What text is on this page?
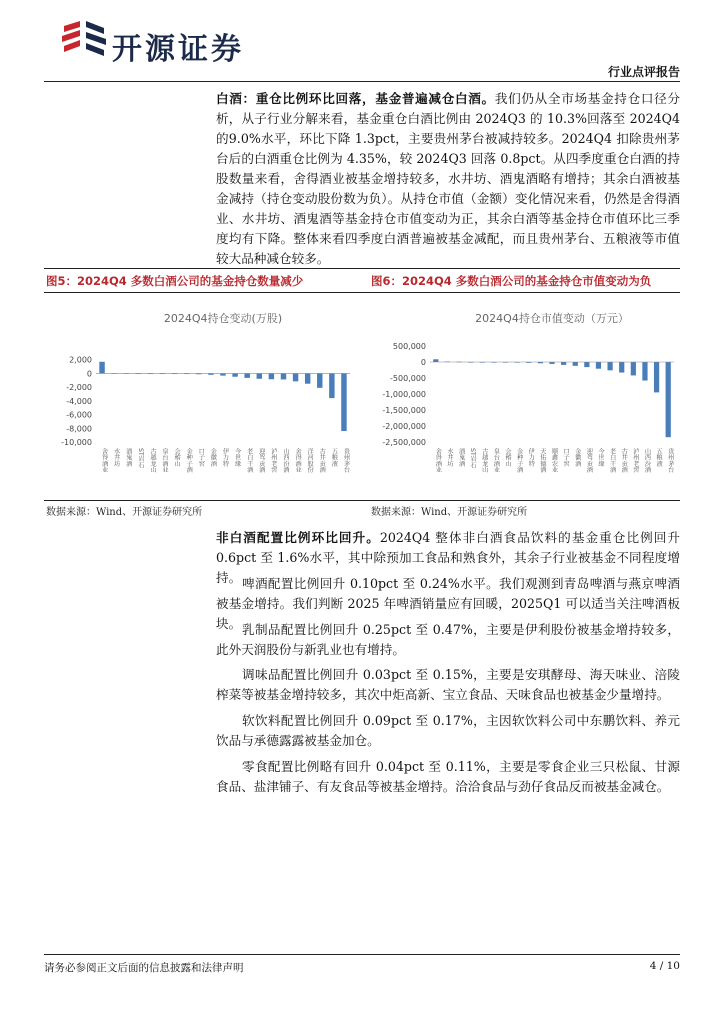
开源证券
行业点评报告
白酒：重仓比例环比回落，基金普遍减仓白酒。我们仍从全市场基金持仓口径分析，从子行业分解来看，基金重仓白酒比例由 2024Q3 的 10.3%回落至 2024Q4 的9.0%水平，环比下降 1.3pct，主要贵州茅台被减持较多。2024Q4 扣除贵州茅台后的白酒重仓比例为 4.35%，较 2024Q3 回落 0.8pct。从四季度重仓白酒的持股数量来看，舍得酒业被基金增持较多，水井坊、酒鬼酒略有增持；其余白酒被基金减持（持仓变动股份数为负）。从持仓市值（金额）变化情况来看，仍然是舍得酒业、水井坊、酒鬼酒等基金持仓市值变动为正，其余白酒等基金持仓市值环比三季度均有下降。整体来看四季度白酒普遍被基金减配，而且贵州茅台、五粮液等市值较大品种减仓较多。
图5：2024Q4 多数白酒公司的基金持仓数量减少	图6：2024Q4 多数白酒公司的基金持仓市值变动为负
2024Q4持仓变动(万股)
2,000
0
-2,000
-4,000
-6,000
-8,000
-10,000
舍得酒业 水井坊 酒鬼酒 ST岩石 古越龙山 皇台酒业 会稽山 金种子酒 口子窖 金徽酒 伊力特 今世缘 老白干酒 迎驾贡酒 泸州老窖 山西汾酒 舍得酒业 洋河股份 古井贡酒 五粮液 贵州茅台
2024Q4持仓市值变动（万元）
500,000
0
-500,000
-1,000,000
-1,500,000
-2,000,000
-2,500,000
舍得酒业 水井坊 酒鬼酒 ST岩石 古越龙山 皇台酒业 会稽山 金种子酒 伊力特 天佑德酒 顺鑫农业 口子窖 金徽酒 迎驾贡酒 今世缘 老白干酒 古井贡酒 泸州老窖 山西汾酒 五粮液 贵州茅台
数据来源：Wind、开源证券研究所	数据来源：Wind、开源证券研究所
非白酒配置比例环比回升。2024Q4 整体非白酒食品饮料的基金重仓比例回升 0.6pct 至 1.6%水平，其中除预加工食品和熟食外，其余子行业被基金不同程度增持。 啤酒配置比例回升 0.10pct 至 0.24%水平。我们观测到青岛啤酒与燕京啤酒被基金增持。我们判断 2025 年啤酒销量应有回暖，2025Q1 可以适当关注啤酒板块。 乳制品配置比例回升 0.25pct 至 0.47%，主要是伊利股份被基金增持较多，此外天润股份与新乳业也有增持。
调味品配置比例回升 0.03pct 至 0.15%，主要是安琪酵母、海天味业、涪陵榨菜等被基金增持较多，其次中炬高新、宝立食品、天味食品也被基金少量增持。
软饮料配置比例回升 0.09pct 至 0.17%，主因软饮料公司中东鹏饮料、养元饮品与承德露露被基金加仓。
零食配置比例略有回升 0.04pct 至 0.11%，主要是零食企业三只松鼠、甘源食品、盐津铺子、有友食品等被基金增持。洽洽食品与劲仔食品反而被基金减仓。
请务必参阅正文后面的信息披露和法律声明	4 / 10
